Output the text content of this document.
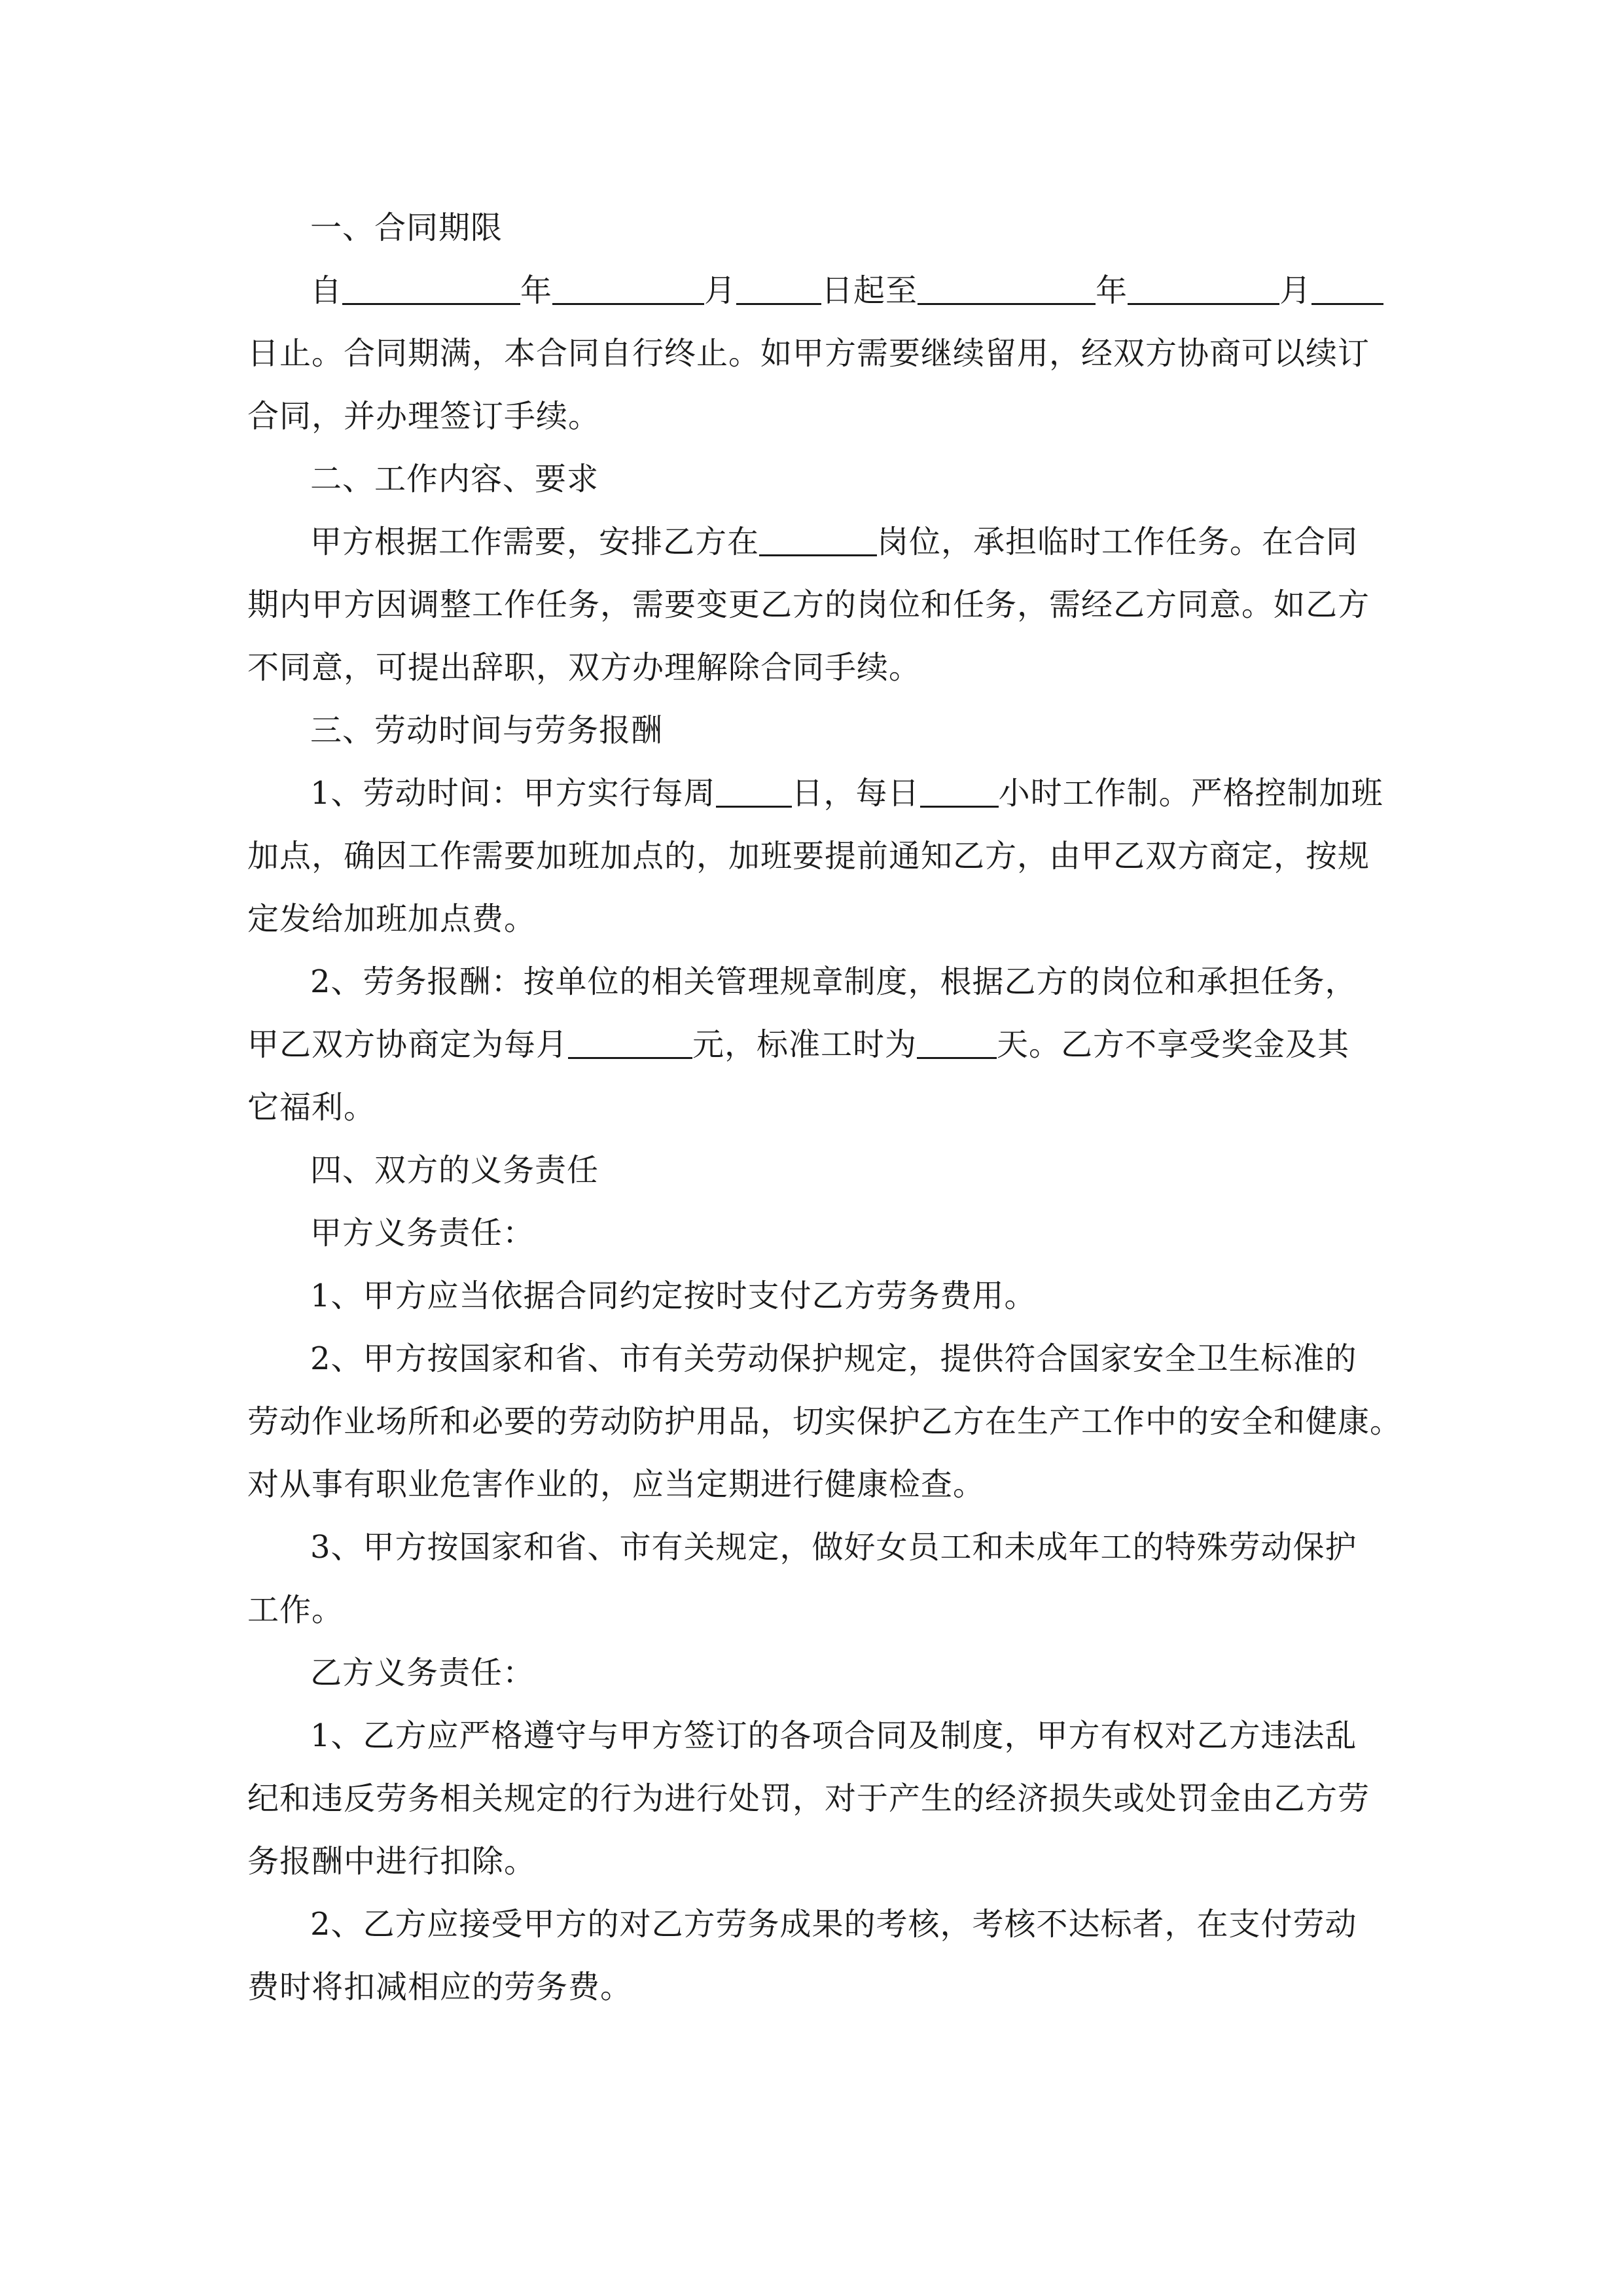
一、合同期限
自	年	月	日起至	年	月
日止。合同期满，本合同自行终止。如甲方需要继续留用，经双方协商可以续订
合同，并办理签订手续。
二、工作内容、要求
甲方根据工作需要，安排乙方在	岗位，承担临时工作任务。在合同
期内甲方因调整工作任务，需要变更乙方的岗位和任务，需经乙方同意。如乙方
不同意，可提出辞职，双方办理解除合同手续。
三、劳动时间与劳务报酬
1、劳动时间：甲方实行每周 日，每日	小时工作制。严格控制加班
加点，确因工作需要加班加点的，加班要提前通知乙方，由甲乙双方商定，按规
定发给加班加点费。
2、劳务报酬：按单位的相关管理规章制度，根据乙方的岗位和承担任务，
甲乙双方协商定为每月	元，标准工时为	天。乙方不享受奖金及其
它福利。
四、双方的义务责任
甲方义务责任：
1、甲方应当依据合同约定按时支付乙方劳务费用。
2、甲方按国家和省、市有关劳动保护规定，提供符合国家安全卫生标准的
劳动作业场所和必要的劳动防护用品，切实保护乙方在生产工作中的安全和健康。
对从事有职业危害作业的，应当定期进行健康检查。
3、甲方按国家和省、市有关规定，做好女员工和未成年工的特殊劳动保护
工作。
乙方义务责任：
1、乙方应严格遵守与甲方签订的各项合同及制度，甲方有权对乙方违法乱
纪和违反劳务相关规定的行为进行处罚，对于产生的经济损失或处罚金由乙方劳
务报酬中进行扣除。
2、乙方应接受甲方的对乙方劳务成果的考核，考核不达标者，在支付劳动
费时将扣减相应的劳务费。
